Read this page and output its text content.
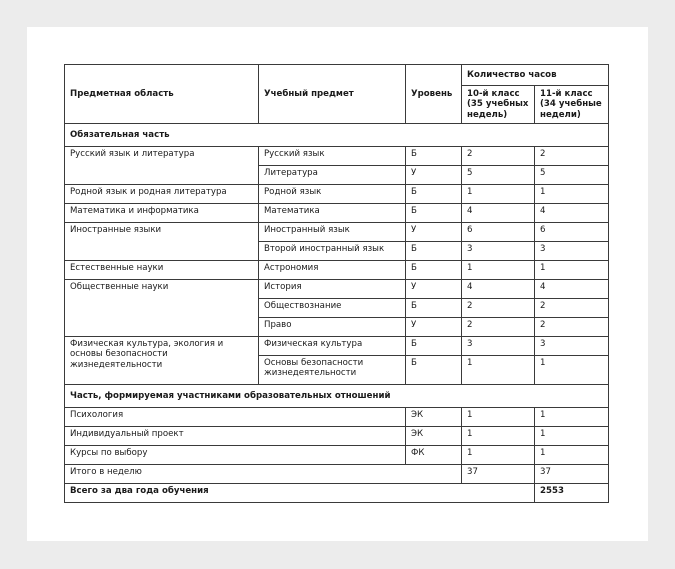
Предметная область	Учебный предмет	Уровень	Количество часов	
			10-й класс (35 учебных недель)	11-й класс (34 учебные недели)
Обязательная часть				
Русский язык и литература	Русский язык	Б	2	2
	Литература	У	5	5
Родной язык и родная литература	Родной язык	Б	1	1
Математика и информатика	Математика	Б	4	4
Иностранные языки	Иностранный язык	У	6	6
	Второй иностранный язык	Б	3	3
Естественные науки	Астрономия	Б	1	1
Общественные науки	История	У	4	4
	Обществознание	Б	2	2
	Право	У	2	2
Физическая культура, экология и основы безопасности жизнедеятельности	Физическая культура	Б	3	3
	Основы безопасности жизнедеятельности	Б	1	1
Часть, формируемая участниками образовательных отношений				
Психология		ЭК	1	1
Индивидуальный проект		ЭК	1	1
Курсы по выбору		ФК	1	1
Итого в неделю			37	37
Всего за два года обучения				2553
